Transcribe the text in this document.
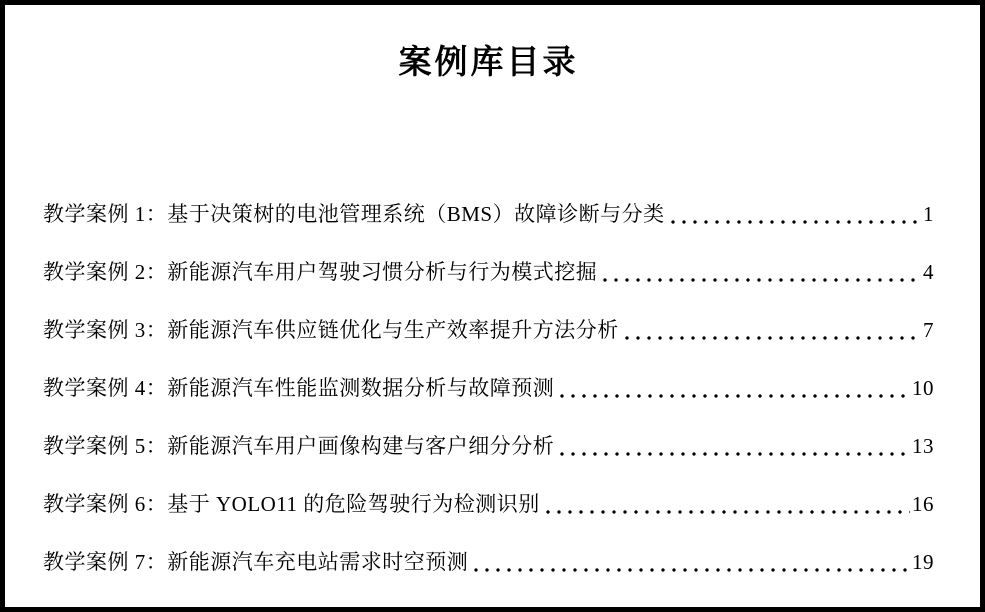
案例库目录
教学案例 1：基于决策树的电池管理系统（BMS）故障诊断与分类	1
教学案例 2：新能源汽车用户驾驶习惯分析与行为模式挖掘	4
教学案例 3：新能源汽车供应链优化与生产效率提升方法分析	7
教学案例 4：新能源汽车性能监测数据分析与故障预测	10
教学案例 5：新能源汽车用户画像构建与客户细分分析	13
教学案例 6：基于 YOLO11 的危险驾驶行为检测识别	16
教学案例 7：新能源汽车充电站需求时空预测	19
